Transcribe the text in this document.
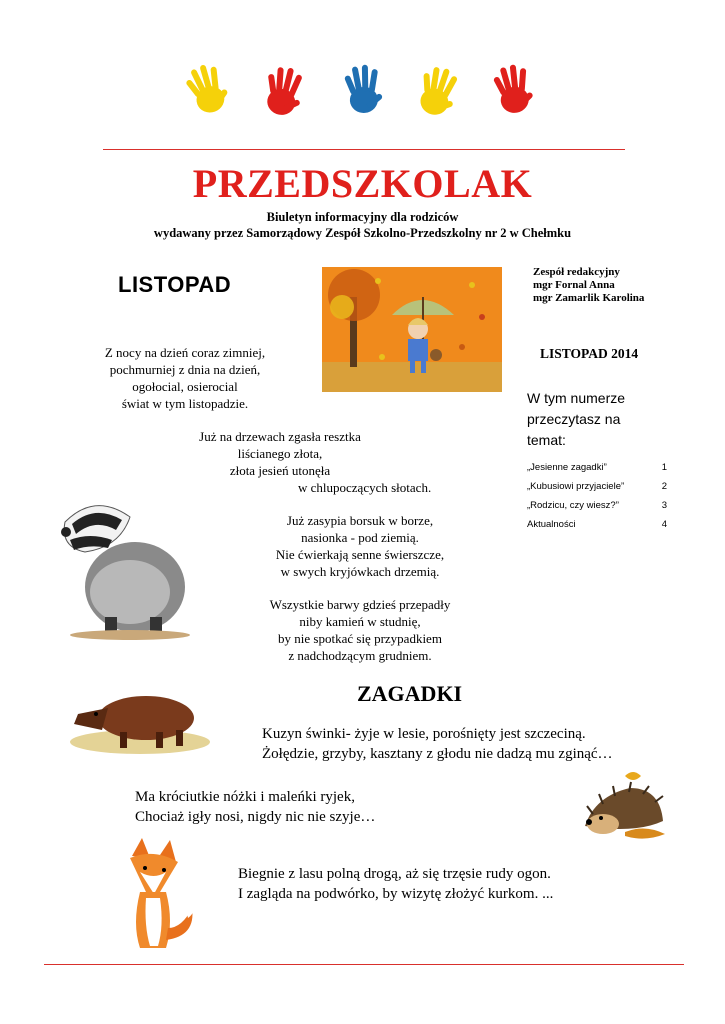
PRZEDSZKOLAK
Biuletyn informacyjny dla rodziców
wydawany przez Samorządowy Zespół Szkolno-Przedszkolny nr 2 w Chełmku
LISTOPAD	Zespół redakcyjny
mgr Fornal Anna
mgr Zamarlik Karolina
LISTOPAD 2014
W tym numerze
przeczytasz na
temat:
„Jesienne zagadki”	1
„Kubusiowi przyjaciele”	2
„Rodzicu, czy wiesz?”	3
Aktualności	4
Z nocy na dzień coraz zimniej,
pochmurniej z dnia na dzień,
ogołocial, osierocial
świat w tym listopadzie.
Już na drzewach zgasła resztka
liścianego złota,
złota jesień utonęła
w chlupoczących słotach.
Już zasypia borsuk w borze,
nasionka - pod ziemią.
Nie ćwierkają senne świerszcze,
w swych kryjówkach drzemią.
Wszystkie barwy gdzieś przepadły
niby kamień w studnię,
by nie spotkać się przypadkiem
z nadchodzącym grudniem.
ZAGADKI
Kuzyn świnki- żyje w lesie, porośnięty jest szczeciną.
Żołędzie, grzyby, kasztany z głodu nie dadzą mu zginąć…
Ma króciutkie nóżki i maleńki ryjek,
Chociaż igły nosi, nigdy nic nie szyje…
Biegnie z lasu polną drogą, aż się trzęsie rudy ogon.
I zagląda na podwórko, by wizytę złożyć kurkom. ...
